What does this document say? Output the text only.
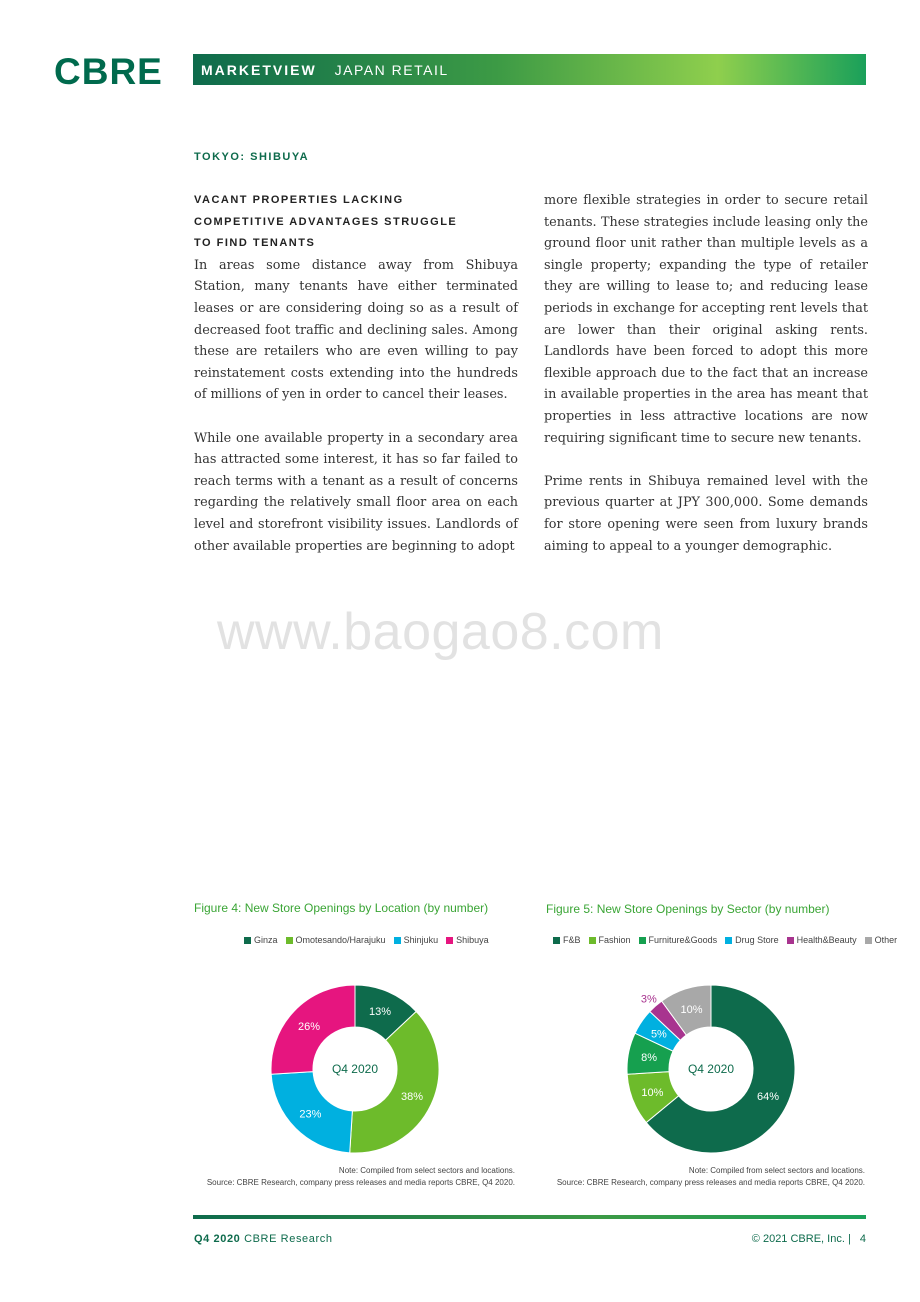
CBRE	MARKETVIEW JAPAN RETAIL
TOKYO: SHIBUYA
VACANT PROPERTIES LACKING
COMPETITIVE ADVANTAGES STRUGGLE
TO FIND TENANTS

In areas some distance away from Shibuya Station, many tenants have either terminated leases or are considering doing so as a result of decreased foot traffic and declining sales. Among these are retailers who are even willing to pay reinstatement costs extending into the hundreds of millions of yen in order to cancel their leases.

While one available property in a secondary area has attracted some interest, it has so far failed to reach terms with a tenant as a result of concerns regarding the relatively small floor area on each level and storefront visibility issues. Landlords of other available properties are beginning to adopt

more flexible strategies in order to secure retail tenants. These strategies include leasing only the ground floor unit rather than multiple levels as a single property; expanding the type of retailer they are willing to lease to; and reducing lease periods in exchange for accepting rent levels that are lower than their original asking rents. Landlords have been forced to adopt this more flexible approach due to the fact that an increase in available properties in the area has meant that properties in less attractive locations are now requiring significant time to secure new tenants.

Prime rents in Shibuya remained level with the previous quarter at JPY 300,000. Some demands for store opening were seen from luxury brands aiming to appeal to a younger demographic.

www.baogao8.com
Figure 4: New Store Openings by Location (by number)
Ginza Omotesando/Harajuku Shinjuku Shibuya
13%
38%
23%
26%
Q4 2020
Note: Compiled from select sectors and locations.
Source: CBRE Research, company press releases and media reports CBRE, Q4 2020.
Figure 5: New Store Openings by Sector (by number)
F&B Fashion Furniture&Goods Drug Store Health&Beauty Other
64%
10%
8%
5%
3%
10%
Q4 2020
Note: Compiled from select sectors and locations.
Source: CBRE Research, company press releases and media reports CBRE, Q4 2020.
Q4 2020 CBRE Research	© 2021 CBRE, Inc. | 4
